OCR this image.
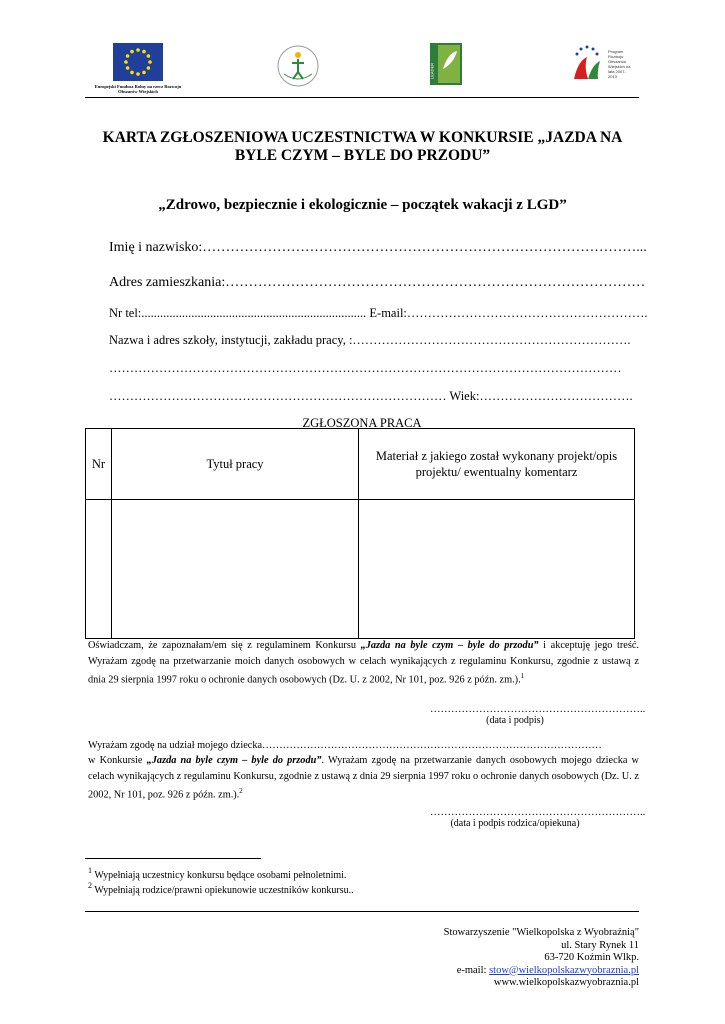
Europejski Fundusz Rolny na rzecz Rozwoju Obszarów Wiejskich
LEADER
Program Rozwoju Obszarów Wiejskich na lata 2007-2013
KARTA ZGŁOSZENIOWA UCZESTNICTWA W KONKURSIE „JAZDA NA BYLE CZYM – BYLE DO PRZODU”
„Zdrowo, bezpiecznie i ekologicznie – początek wakacji z LGD”
Imię i nazwisko:…………………………………………………………………………………...
Adres zamieszkania:………………………………………………………………………………
Nr tel:........................................................................ E-mail:………………………………………………….
Nazwa i adres szkoły, instytucji, zakładu pracy, :………………………………………………………….
……………………………………………………………………………………………………………
……………………………………………………………………… Wiek:……………………………….
ZGŁOSZONA PRACA
Nr	Tytuł pracy	Materiał z jakiego został wykonany projekt/opis projektu/ ewentualny komentarz

Oświadczam, że zapoznałam/em się z regulaminem Konkursu „Jazda na byle czym – byle do przodu” i akceptuję jego treść. Wyrażam zgodę na przetwarzanie moich danych osobowych w celach wynikających z regulaminu Konkursu, zgodnie z ustawą z dnia 29 sierpnia 1997 roku o ochronie danych osobowych (Dz. U. z 2002, Nr 101, poz. 926 z późn. zm.).$^1$
……………………………………………………..
(data i podpis)
Wyrażam zgodę na udział mojego dziecka………………………………………………………………………………………
w Konkursie „Jazda na byle czym – byle do przodu”. Wyrażam zgodę na przetwarzanie danych osobowych mojego dziecka w celach wynikających z regulaminu Konkursu, zgodnie z ustawą z dnia 29 sierpnia 1997 roku o ochronie danych osobowych (Dz. U. z 2002, Nr 101, poz. 926 z późn. zm.).$^2$
……………………………………………………..
(data i podpis rodzica/opiekuna)
$^1$ Wypełniają uczestnicy konkursu będące osobami pełnoletnimi.
$^2$ Wypełniają rodzice/prawni opiekunowie uczestników konkursu..
Stowarzyszenie "Wielkopolska z Wyobraźnią"
ul. Stary Rynek 11
63-720 Koźmin Wlkp.
e-mail: stow@wielkopolskazwyobraznia.pl
www.wielkopolskazwyobraznia.pl
